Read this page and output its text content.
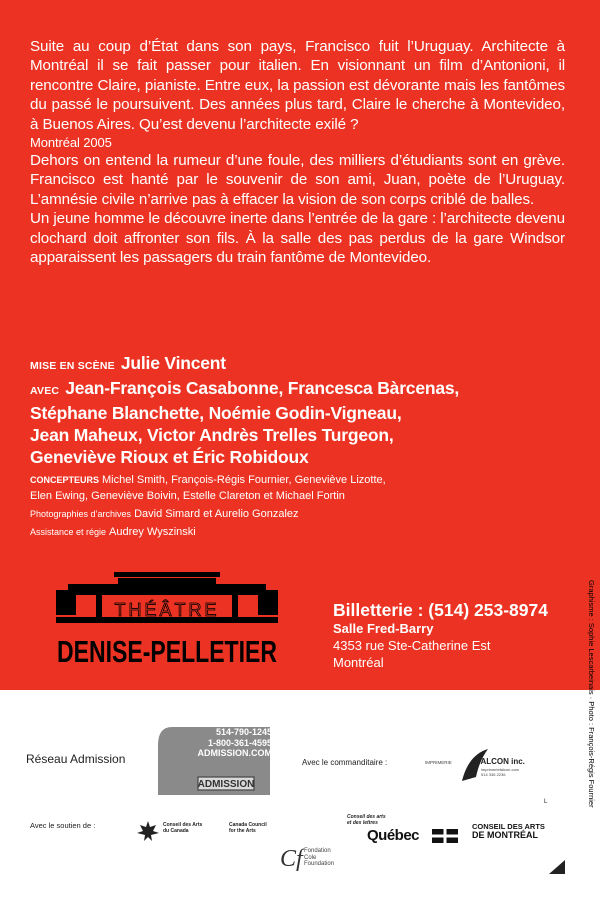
Suite au coup d’État dans son pays, Francisco fuit l’Uruguay. Architecte à Montréal il se fait passer pour italien. En visionnant un film d’Antonioni, il rencontre Claire, pianiste. Entre eux, la passion est dévorante mais les fantômes du passé le poursuivent. Des années plus tard, Claire le cherche à Montevideo, à Buenos Aires. Qu’est devenu l’architecte exilé ?

Montréal 2005

Dehors on entend la rumeur d’une foule, des milliers d’étudiants sont en grève. Francisco est hanté par le souvenir de son ami, Juan, poète de l’Uruguay. L’amnésie civile n’arrive pas à effacer la vision de son corps criblé de balles.

Un jeune homme le découvre inerte dans l’entrée de la gare : l’architecte devenu clochard doit affronter son fils. À la salle des pas perdus de la gare Windsor apparaissent les passagers du train fantôme de Montevideo.

MISE EN SCÈNE Julie Vincent
AVEC Jean-François Casabonne, Francesca Bàrcenas,
Stéphane Blanchette, Noémie Godin-Vigneau,
Jean Maheux, Victor Andrès Trelles Turgeon,
Geneviève Rioux et Éric Robidoux
CONCEPTEURS Michel Smith, François-Régis Fournier, Geneviève Lizotte,
Elen Ewing, Geneviève Boivin, Estelle Clareton et Michael Fortin
Photographies d’archives David Simard et Aurelio Gonzalez
Assistance et régie Audrey Wyszinski
THÉÂTRE
DENISE-PELLETIER
Billetterie : (514) 253-8974
Salle Fred-Barry
4353 rue Ste-Catherine Est
Montréal	Graphisme : Sophie Lescarbeinais · Photo : François-Régis Fournier
Réseau Admission
ADMISSION
514-790-1245
1-800-361-4595
ADMISSION.COM
Avec le commanditaire :	IMPRIMERIE	FALCON inc.
imprimeriefalcon.com
514 336 2236
Avec le soutien de :	Conseil des Arts
du Canada
Canada Council
for the Arts
Conseil des arts
et des lettres
Québec
CONSEIL DES ARTS
DE MONTRÉAL
Cf Fondation
Cole
Foundation
L
